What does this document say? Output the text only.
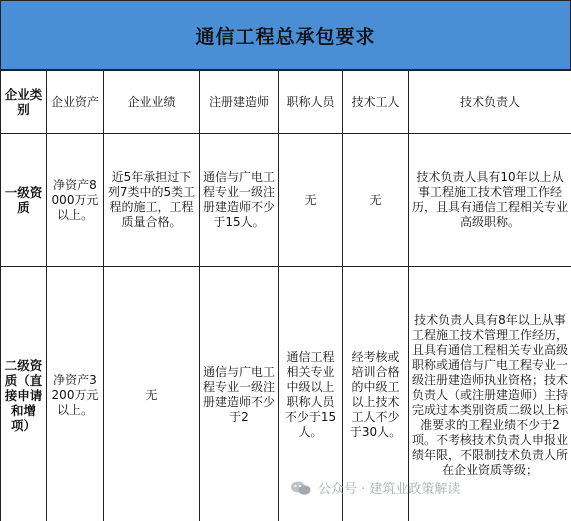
通信工程总承包要求
企业类别	企业资产	企业业绩	注册建造师	职称人员	技术工人	技术负责人
一级资质	净资产8000万元以上。	近5年承担过下列7类中的5类工程的施工，工程质量合格。	通信与广电工程专业一级注册建造师不少于15人。	无	无	技术负责人具有10年以上从事工程施工技术管理工作经历，且具有通信工程相关专业高级职称。
二级资质（直接申请和增项）	净资产3200万元以上。	无	通信与广电工程专业一级注册建造师不少于2	通信工程相关专业中级以上职称人员不少于15人。	经考核或培训合格的中级工以上技术工人不少于30人。	技术负责人具有8年以上从事工程施工技术管理工作经历，且具有通信工程相关专业高级职称或通信与广电工程专业一级注册建造师执业资格；技术负责人（或注册建造师）主持完成过本类别资质二级以上标准要求的工程业绩不少于2项。不考核技术负责人申报业绩年限，不限制技术负责人所在企业资质等级；
公众号 · 建筑业政策解读
